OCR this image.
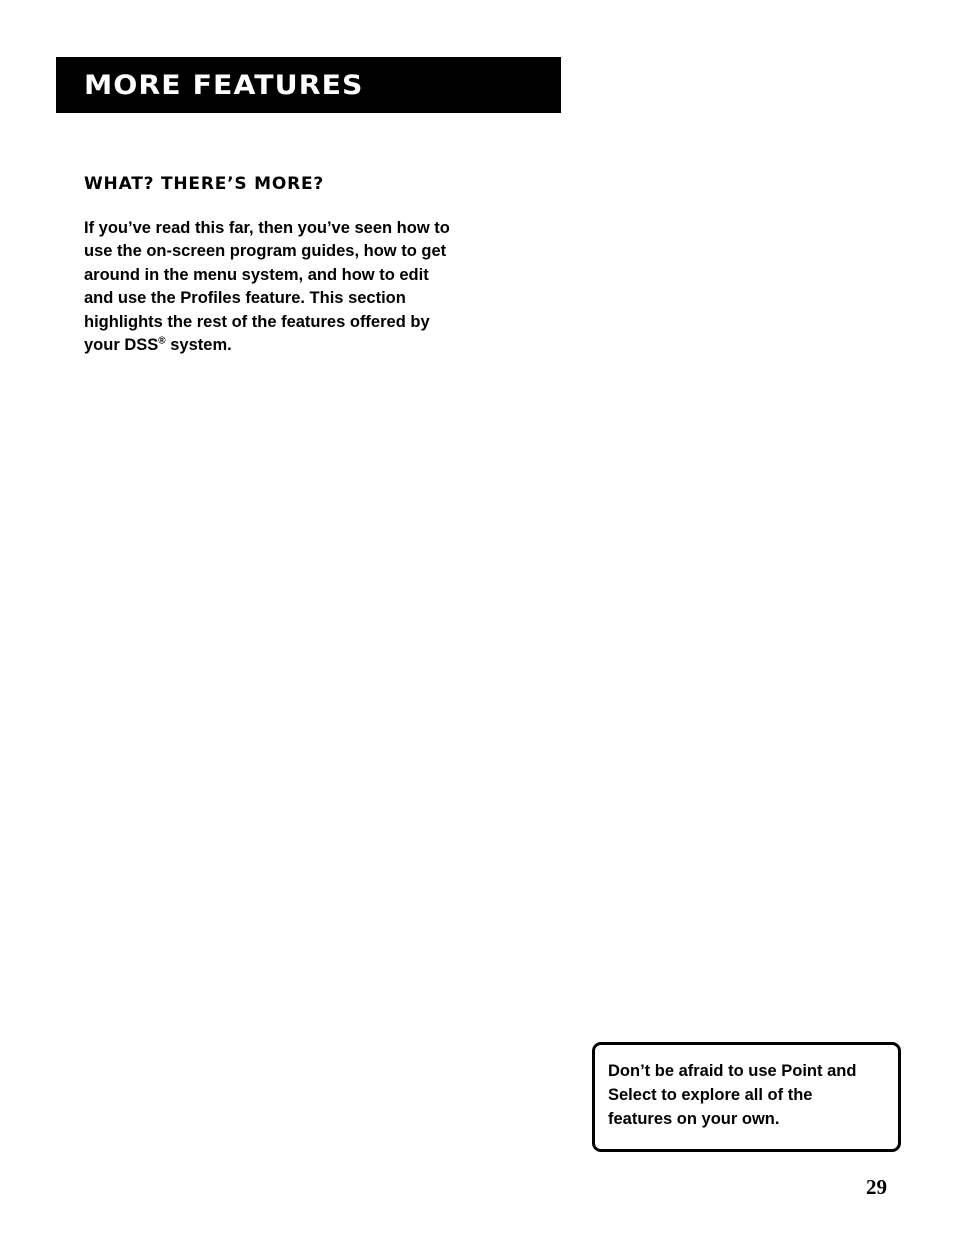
MORE FEATURES
WHAT? THERE’S MORE?

If you’ve read this far, then you’ve seen how to
use the on-screen program guides, how to get
around in the menu system, and how to edit
and use the Profiles feature. This section
highlights the rest of the features offered by
your DSS® system.

Don’t be afraid to use Point and
Select to explore all of the
features on your own.

29
